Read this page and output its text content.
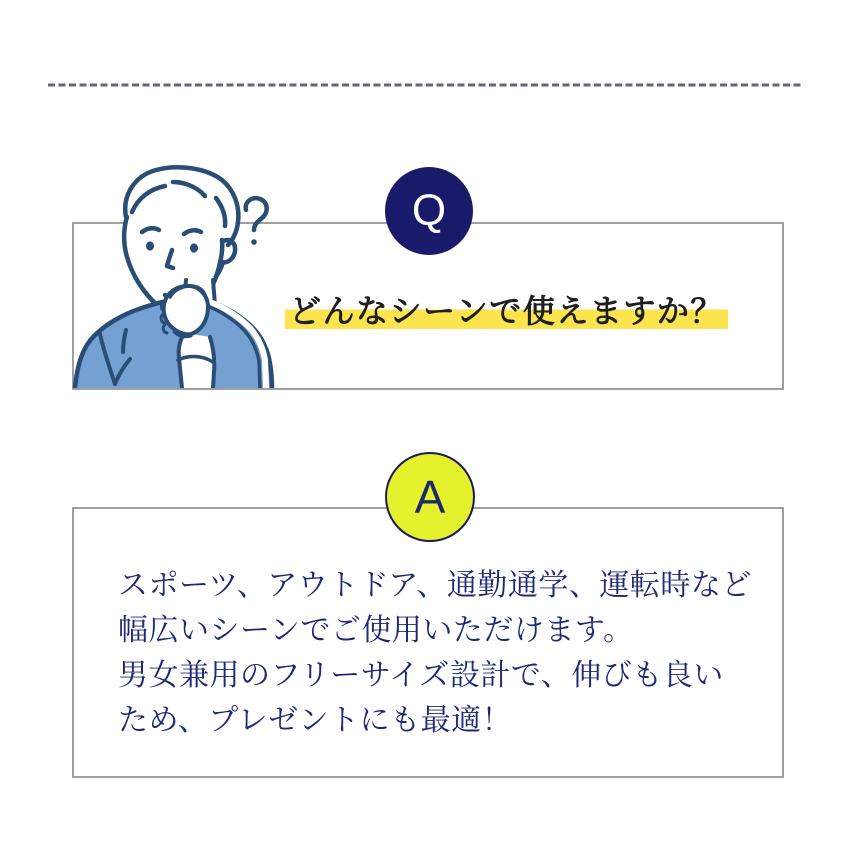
Q
どんなシーンで使えますか？
A
スポーツ、アウトドア、通勤通学、運転時など
幅広いシーンでご使用いただけます。
男女兼用のフリーサイズ設計で、伸びも良い
ため、プレゼントにも最適！
